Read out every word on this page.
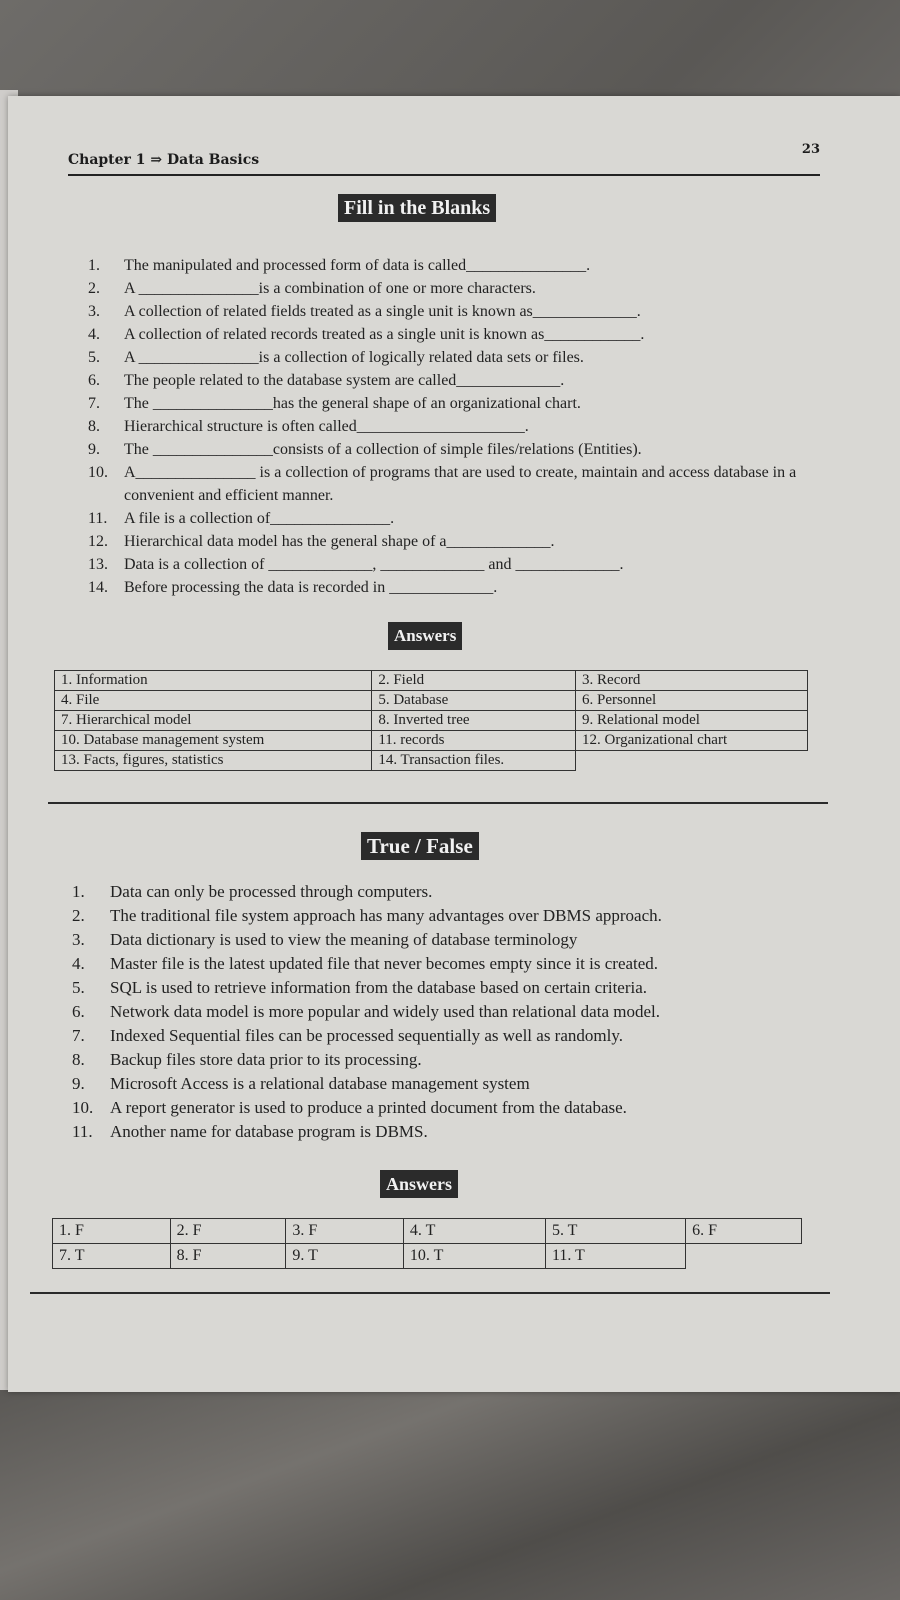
Chapter 1 ⇒ Data Basics
23
Fill in the Blanks
1. The manipulated and processed form of data is called_______________.
2. A _______________is a combination of one or more characters.
3. A collection of related fields treated as a single unit is known as_____________.
4. A collection of related records treated as a single unit is known as____________.
5. A _______________is a collection of logically related data sets or files.
6. The people related to the database system are called_____________.
7. The _______________has the general shape of an organizational chart.
8. Hierarchical structure is often called_____________________.
9. The _______________consists of a collection of simple files/relations (Entities).
10. A_______________ is a collection of programs that are used to create, maintain and access database in a convenient and efficient manner.
11. A file is a collection of_______________.
12. Hierarchical data model has the general shape of a_____________.
13. Data is a collection of _____________, _____________ and _____________.
14. Before processing the data is recorded in _____________.
Answers
1. Information	2. Field	3. Record
4. File	5. Database	6. Personnel
7. Hierarchical model	8. Inverted tree	9. Relational model
10. Database management system	11. records	12. Organizational chart
13. Facts, figures, statistics	14. Transaction files.	
True / False
1. Data can only be processed through computers.
2. The traditional file system approach has many advantages over DBMS approach.
3. Data dictionary is used to view the meaning of database terminology
4. Master file is the latest updated file that never becomes empty since it is created.
5. SQL is used to retrieve information from the database based on certain criteria.
6. Network data model is more popular and widely used than relational data model.
7. Indexed Sequential files can be processed sequentially as well as randomly.
8. Backup files store data prior to its processing.
9. Microsoft Access is a relational database management system
10. A report generator is used to produce a printed document from the database.
11. Another name for database program is DBMS.
Answers
1. F	2. F	3. F	4. T	5. T	6. F
7. T	8. F	9. T	10. T	11. T	
